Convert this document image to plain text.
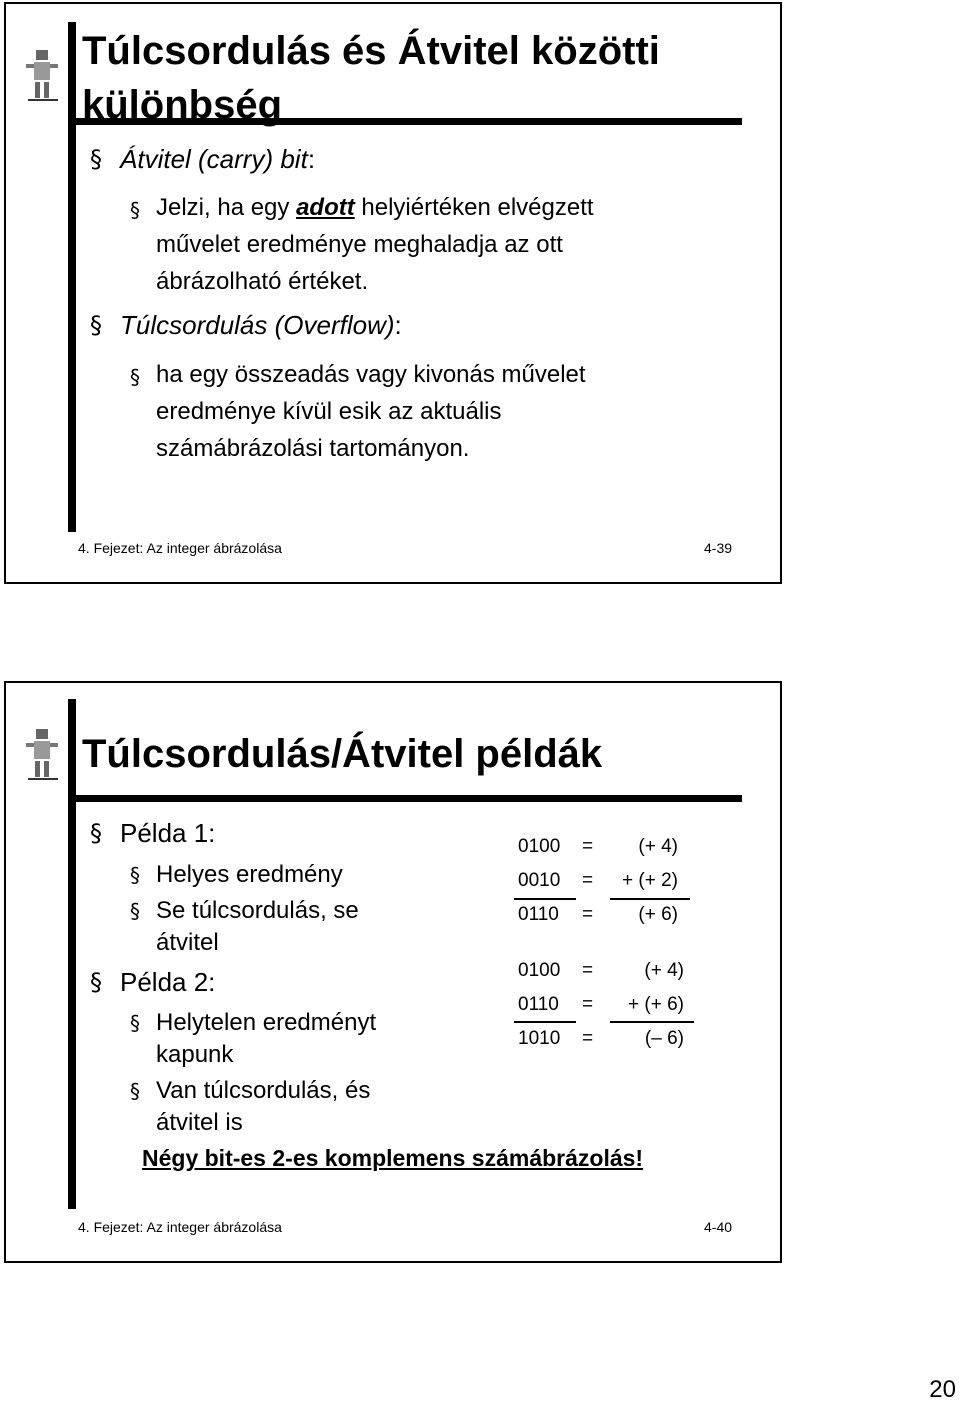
Túlcsordulás és Átvitel közötti
különbség
§ Átvitel (carry) bit:
§ Jelzi, ha egy adott helyiértéken elvégzett
művelet eredménye meghaladja az ott
ábrázolható értéket.
§ Túlcsordulás (Overflow):
§ ha egy összeadás vagy kivonás művelet
eredménye kívül esik az aktuális
számábrázolási tartományon.
4. Fejezet: Az integer ábrázolása	4-39
Túlcsordulás/Átvitel példák
§ Példa 1:
§ Helyes eredmény
§ Se túlcsordulás, se
átvitel
§ Példa 2:
§ Helytelen eredményt
kapunk
§ Van túlcsordulás, és
átvitel is
Négy bit-es 2-es komplemens számábrázolás!
0100 = (+ 4)
0010 = + (+ 2)
0110 = (+ 6)
0100 =	(+ 4)
0110 = + (+ 6)
1010 =	(– 6)
4. Fejezet: Az integer ábrázolása	4-40
20
